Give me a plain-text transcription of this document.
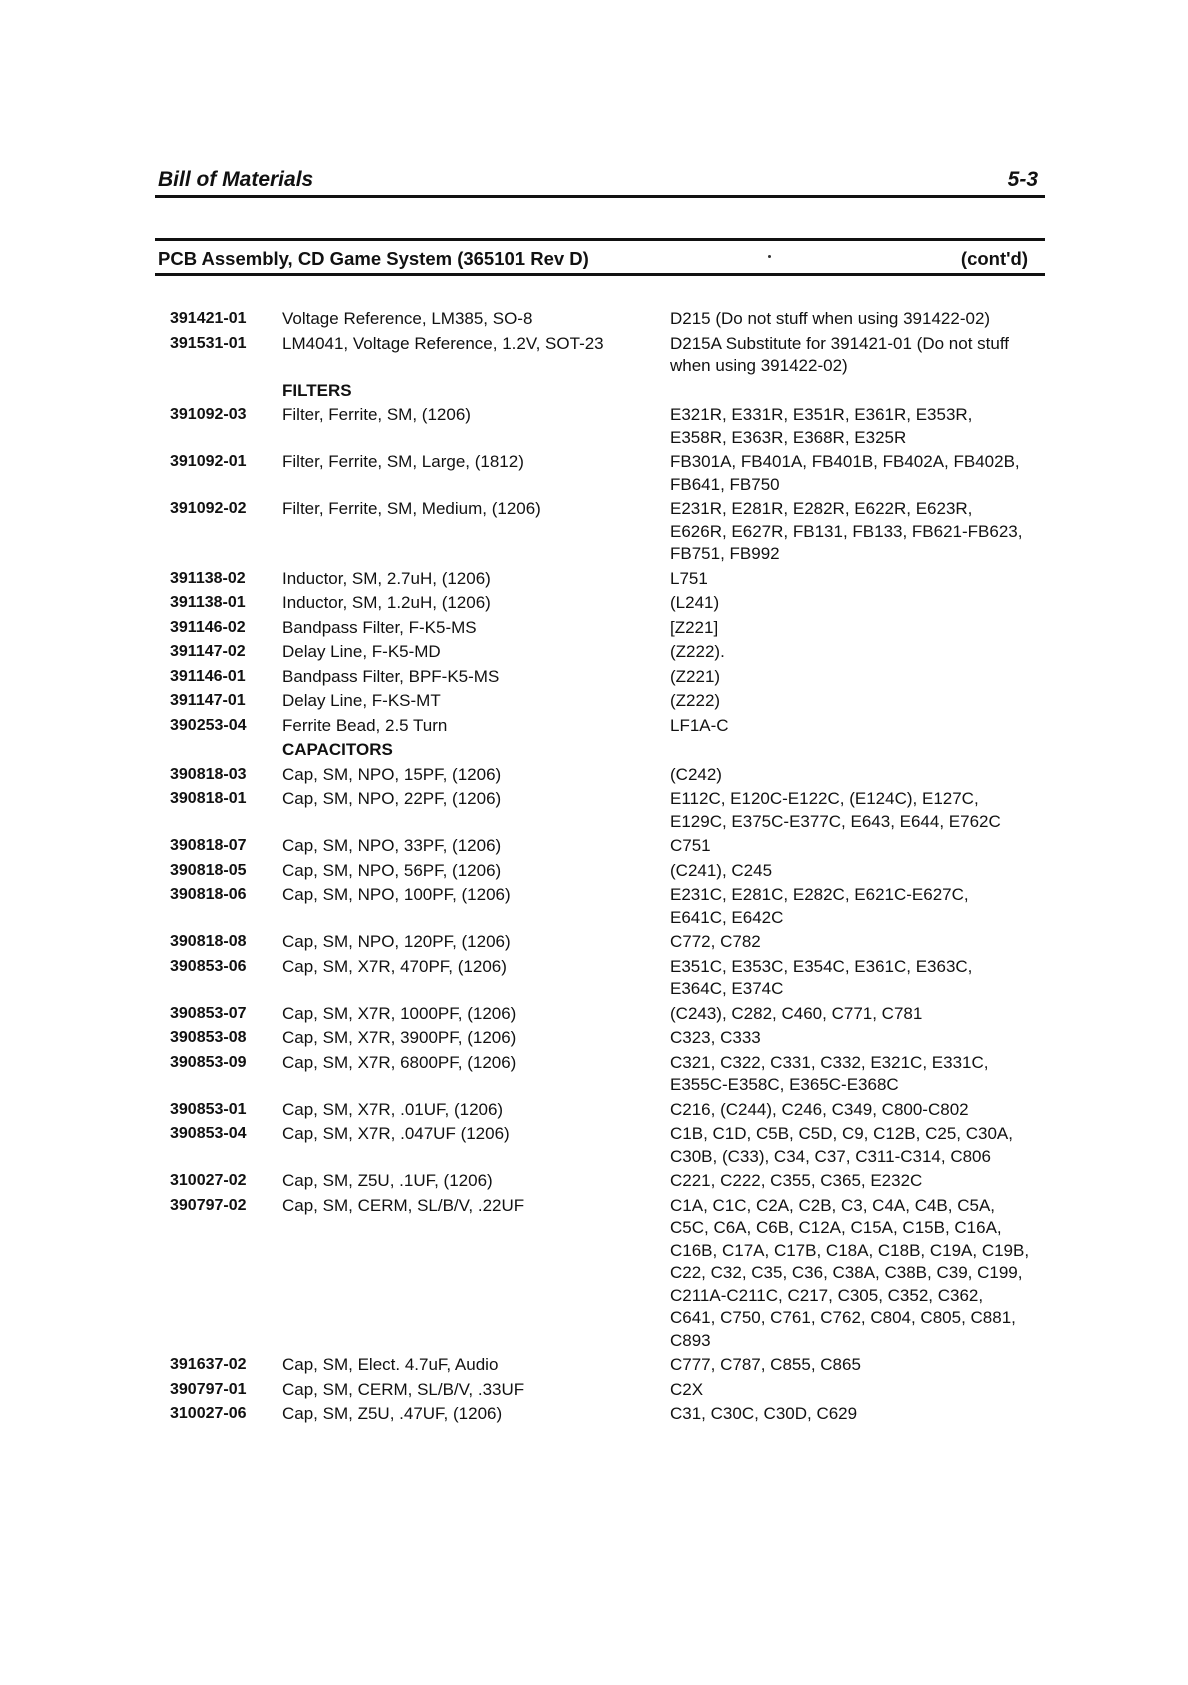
Bill of Materials	5-3
PCB Assembly, CD Game System (365101 Rev D)	(cont'd)
391421-01	Voltage Reference, LM385, SO-8	D215 (Do not stuff when using 391422-02)
391531-01	LM4041, Voltage Reference, 1.2V, SOT-23	D215A Substitute for 391421-01 (Do not stuff when using 391422-02)
FILTERS
391092-03	Filter, Ferrite, SM, (1206)	E321R, E331R, E351R, E361R, E353R, E358R, E363R, E368R, E325R
391092-01	Filter, Ferrite, SM, Large, (1812)	FB301A, FB401A, FB401B, FB402A, FB402B, FB641, FB750
391092-02	Filter, Ferrite, SM, Medium, (1206)	E231R, E281R, E282R, E622R, E623R, E626R, E627R, FB131, FB133, FB621-FB623, FB751, FB992
391138-02	Inductor, SM, 2.7uH, (1206)	L751
391138-01	Inductor, SM, 1.2uH, (1206)	(L241)
391146-02	Bandpass Filter, F-K5-MS	[Z221]
391147-02	Delay Line, F-K5-MD	(Z222).
391146-01	Bandpass Filter, BPF-K5-MS	(Z221)
391147-01	Delay Line, F-KS-MT	(Z222)
390253-04	Ferrite Bead, 2.5 Turn	LF1A-C
CAPACITORS
390818-03	Cap, SM, NPO, 15PF, (1206)	(C242)
390818-01	Cap, SM, NPO, 22PF, (1206)	E112C, E120C-E122C, (E124C), E127C, E129C, E375C-E377C, E643, E644, E762C
390818-07	Cap, SM, NPO, 33PF, (1206)	C751
390818-05	Cap, SM, NPO, 56PF, (1206)	(C241), C245
390818-06	Cap, SM, NPO, 100PF, (1206)	E231C, E281C, E282C, E621C-E627C, E641C, E642C
390818-08	Cap, SM, NPO, 120PF, (1206)	C772, C782
390853-06	Cap, SM, X7R, 470PF, (1206)	E351C, E353C, E354C, E361C, E363C, E364C, E374C
390853-07	Cap, SM, X7R, 1000PF, (1206)	(C243), C282, C460, C771, C781
390853-08	Cap, SM, X7R, 3900PF, (1206)	C323, C333
390853-09	Cap, SM, X7R, 6800PF, (1206)	C321, C322, C331, C332, E321C, E331C, E355C-E358C, E365C-E368C
390853-01	Cap, SM, X7R, .01UF, (1206)	C216, (C244), C246, C349, C800-C802
390853-04	Cap, SM, X7R, .047UF (1206)	C1B, C1D, C5B, C5D, C9, C12B, C25, C30A, C30B, (C33), C34, C37, C311-C314, C806
310027-02	Cap, SM, Z5U, .1UF, (1206)	C221, C222, C355, C365, E232C
390797-02	Cap, SM, CERM, SL/B/V, .22UF	C1A, C1C, C2A, C2B, C3, C4A, C4B, C5A, C5C, C6A, C6B, C12A, C15A, C15B, C16A, C16B, C17A, C17B, C18A, C18B, C19A, C19B, C22, C32, C35, C36, C38A, C38B, C39, C199, C211A-C211C, C217, C305, C352, C362, C641, C750, C761, C762, C804, C805, C881, C893
391637-02	Cap, SM, Elect. 4.7uF, Audio	C777, C787, C855, C865
390797-01	Cap, SM, CERM, SL/B/V, .33UF	C2X
310027-06	Cap, SM, Z5U, .47UF, (1206)	C31, C30C, C30D, C629
